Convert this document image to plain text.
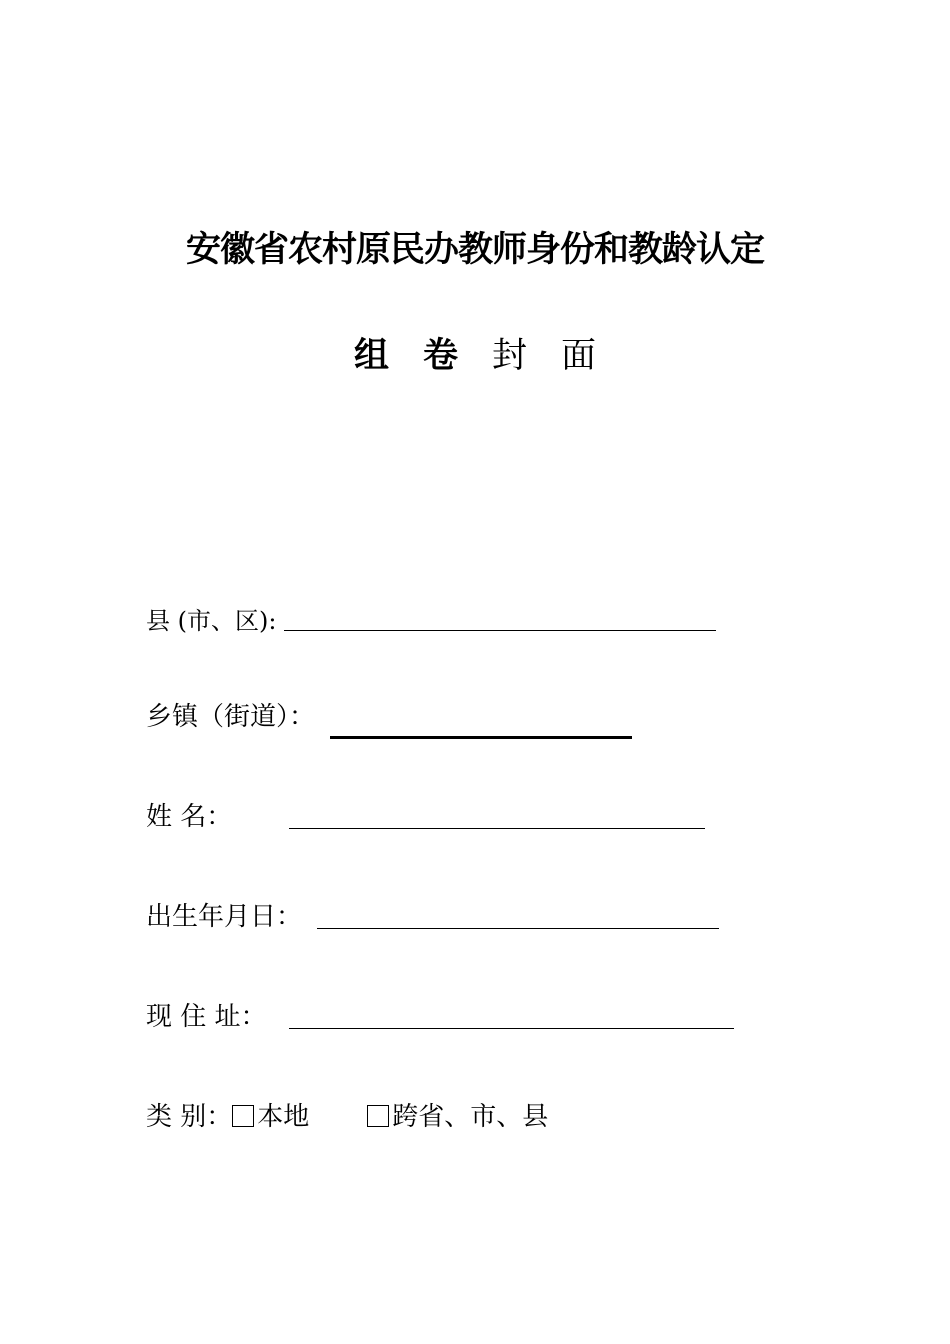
安徽省农村原民办教师身份和教龄认定
组 卷 封 面
县 (市、区):
乡镇（街道）：
姓 名：
出生年月日：
现 住 址：
类 别： 本地	跨省、市、县
